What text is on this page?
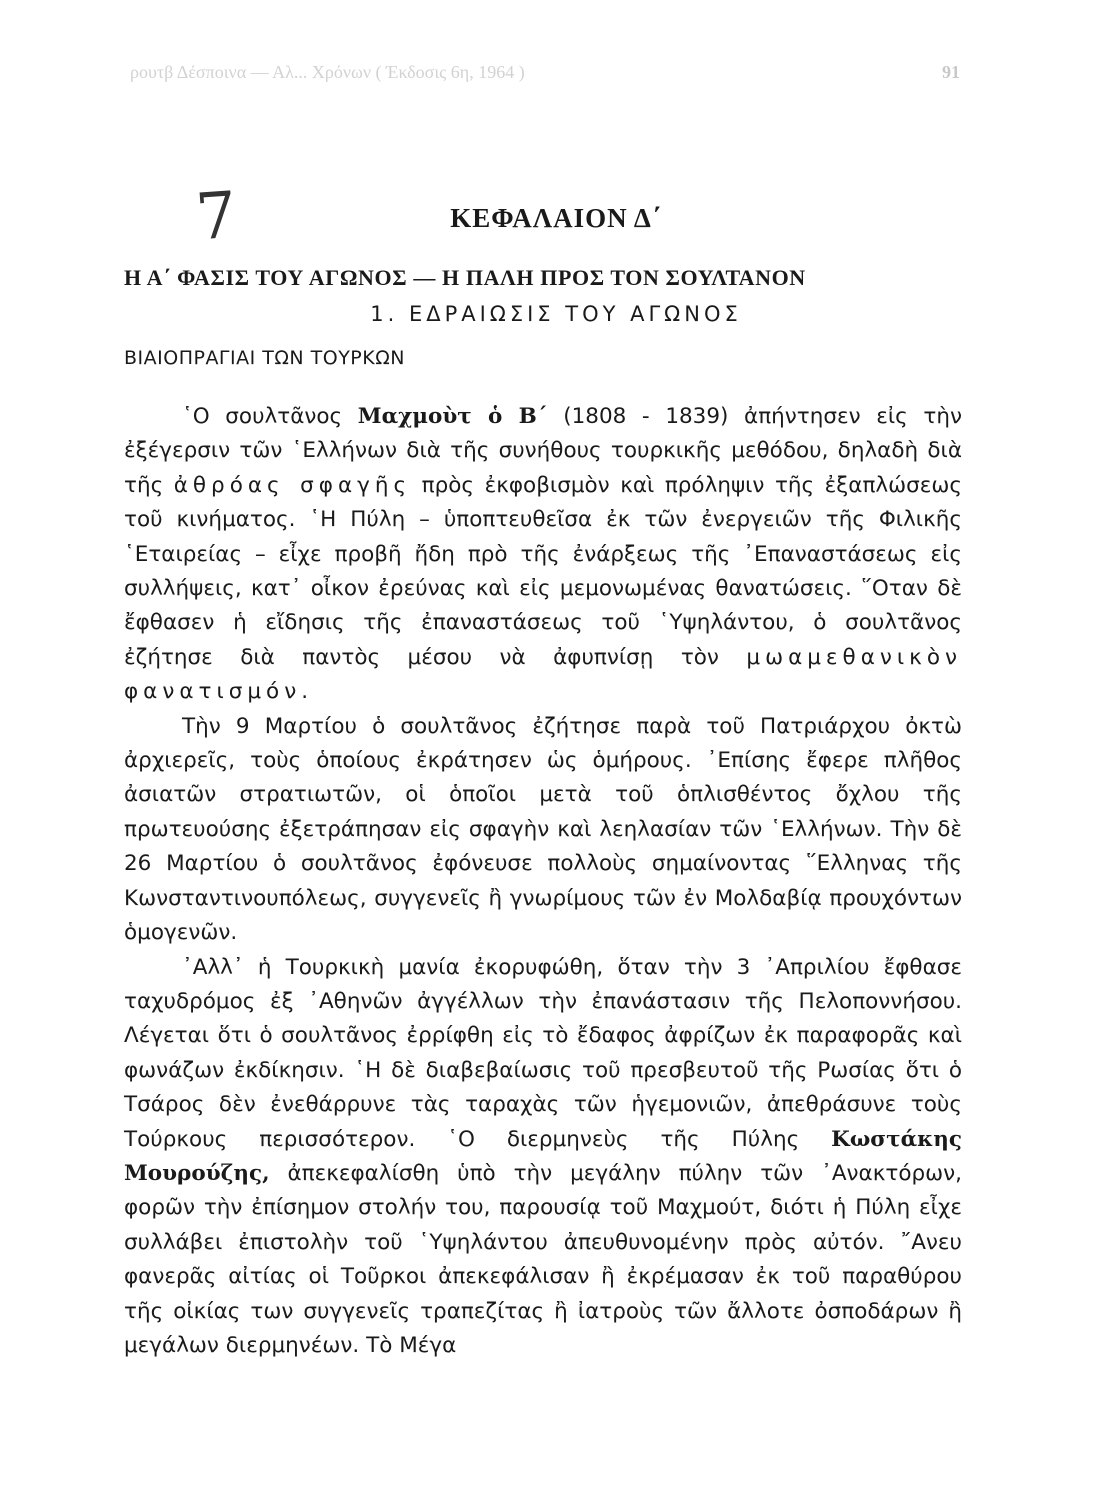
ρουτβ Δέσποινα — Αλ... Χρόνων ( Έκδοσις 6η, 1964 )	91
7	ΚΕΦΑΛΑΙΟΝ Δ΄
Η Α΄ ΦΑΣΙΣ ΤΟΥ ΑΓΩΝΟΣ — Η ΠΑΛΗ ΠΡΟΣ ΤΟΝ ΣΟΥΛΤΑΝΟΝ
1. ΕΔΡΑΙΩΣΙΣ ΤΟΥ ΑΓΩΝΟΣ
ΒΙΑΙΟΠΡΑΓΙΑΙ ΤΩΝ ΤΟΥΡΚΩΝ

῾Ο σουλτᾶνος Μαχμοὺτ ὁ Β΄ (1808 - 1839) ἀπήντησεν εἰς τὴν ἐξέγερσιν τῶν ῾Ελλήνων διὰ τῆς συνήθους τουρκικῆς μεθόδου, δηλαδὴ διὰ τῆς ἀθρόας σφαγῆς πρὸς ἐκφοβισμὸν καὶ πρόληψιν τῆς ἐξαπλώσεως τοῦ κινήματος. ῾Η Πύλη – ὑποπτευθεῖσα ἐκ τῶν ἐνεργειῶν τῆς Φιλικῆς ῾Εταιρείας – εἶχε προβῆ ἤδη πρὸ τῆς ἐνάρξεως τῆς ᾿Επαναστάσεως εἰς συλλήψεις, κατ᾿ οἶκον ἐρεύνας καὶ εἰς μεμονωμένας θανατώσεις. ῞Οταν δὲ ἔφθασεν ἡ εἴδησις τῆς ἐπαναστάσεως τοῦ ῾Υψηλάντου, ὁ σουλτᾶνος ἐζήτησε διὰ παντὸς μέσου νὰ ἀφυπνίσῃ τὸν μωαμεθανικὸν φανατισμόν.

Τὴν 9 Μαρτίου ὁ σουλτᾶνος ἐζήτησε παρὰ τοῦ Πατριάρχου ὀκτὼ ἀρχιερεῖς, τοὺς ὁποίους ἐκράτησεν ὡς ὁμήρους. ᾿Επίσης ἔφερε πλῆθος ἀσιατῶν στρατιωτῶν, οἱ ὁποῖοι μετὰ τοῦ ὁπλισθέντος ὄχλου τῆς πρωτευούσης ἐξετράπησαν εἰς σφαγὴν καὶ λεηλασίαν τῶν ῾Ελλήνων. Τὴν δὲ 26 Μαρτίου ὁ σουλτᾶνος ἐφόνευσε πολλοὺς σημαίνοντας ῞Ελληνας τῆς Κωνσταντινουπόλεως, συγγενεῖς ἢ γνωρίμους τῶν ἐν Μολδαβίᾳ προυχόντων ὁμογενῶν.

᾿Αλλ᾿ ἡ Τουρκικὴ μανία ἐκορυφώθη, ὅταν τὴν 3 ᾿Απριλίου ἔφθασε ταχυδρόμος ἐξ ᾿Αθηνῶν ἀγγέλλων τὴν ἐπανάστασιν τῆς Πελοποννήσου. Λέγεται ὅτι ὁ σουλτᾶνος ἐρρίφθη εἰς τὸ ἔδαφος ἀφρίζων ἐκ παραφορᾶς καὶ φωνάζων ἐκδίκησιν. ῾Η δὲ διαβεβαίωσις τοῦ πρεσβευτοῦ τῆς Ρωσίας ὅτι ὁ Τσάρος δὲν ἐνεθάρρυνε τὰς ταραχὰς τῶν ἡγεμονιῶν, ἀπεθράσυνε τοὺς Τούρκους περισσότερον. ῾Ο διερμηνεὺς τῆς Πύλης Κωστάκης Μουρούζης, ἀπεκεφαλίσθη ὑπὸ τὴν μεγάλην πύλην τῶν ᾿Ανακτόρων, φορῶν τὴν ἐπίσημον στολήν του, παρουσίᾳ τοῦ Μαχμούτ, διότι ἡ Πύλη εἶχε συλλάβει ἐπιστολὴν τοῦ ῾Υψηλάντου ἀπευθυνομένην πρὸς αὐτόν. ῎Ανευ φανερᾶς αἰτίας οἱ Τοῦρκοι ἀπεκεφάλισαν ἢ ἐκρέμασαν ἐκ τοῦ παραθύρου τῆς οἰκίας των συγγενεῖς τραπεζίτας ἢ ἰατροὺς τῶν ἄλλοτε ὀσποδάρων ἢ μεγάλων διερμηνέων. Τὸ Μέγα
